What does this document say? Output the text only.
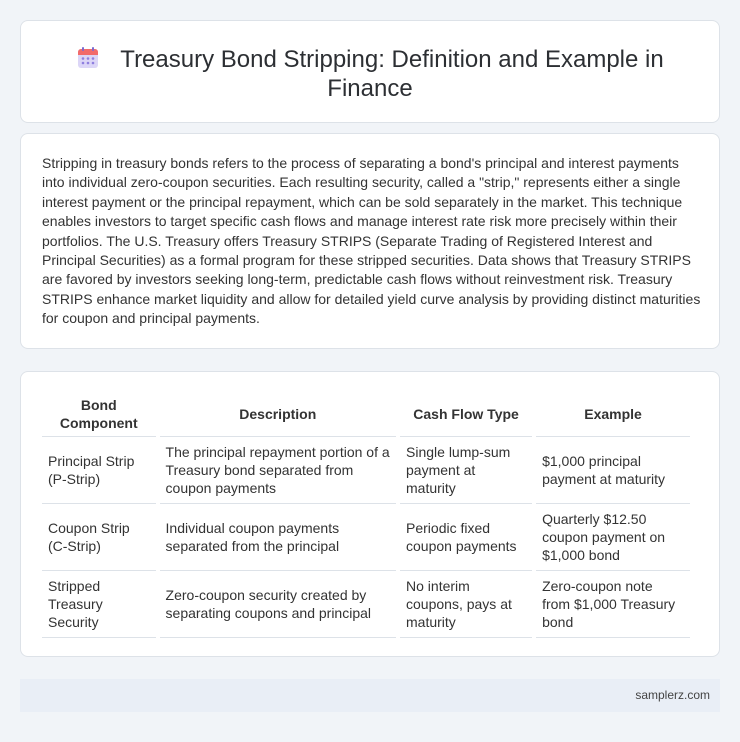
Treasury Bond Stripping: Definition and Example in Finance

Stripping in treasury bonds refers to the process of separating a bond's principal and interest payments into individual zero-coupon securities. Each resulting security, called a "strip," represents either a single interest payment or the principal repayment, which can be sold separately in the market. This technique enables investors to target specific cash flows and manage interest rate risk more precisely within their portfolios. The U.S. Treasury offers Treasury STRIPS (Separate Trading of Registered Interest and Principal Securities) as a formal program for these stripped securities. Data shows that Treasury STRIPS are favored by investors seeking long-term, predictable cash flows without reinvestment risk. Treasury STRIPS enhance market liquidity and allow for detailed yield curve analysis by providing distinct maturities for coupon and principal payments.

Bond Component	Description	Cash Flow Type	Example
Principal Strip (P-Strip)	The principal repayment portion of a Treasury bond separated from coupon payments	Single lump-sum payment at maturity	$1,000 principal payment at maturity
Coupon Strip (C-Strip)	Individual coupon payments separated from the principal	Periodic fixed coupon payments	Quarterly $12.50 coupon payment on $1,000 bond
Stripped Treasury Security	Zero-coupon security created by separating coupons and principal	No interim coupons, pays at maturity	Zero-coupon note from $1,000 Treasury bond
samplerz.com
